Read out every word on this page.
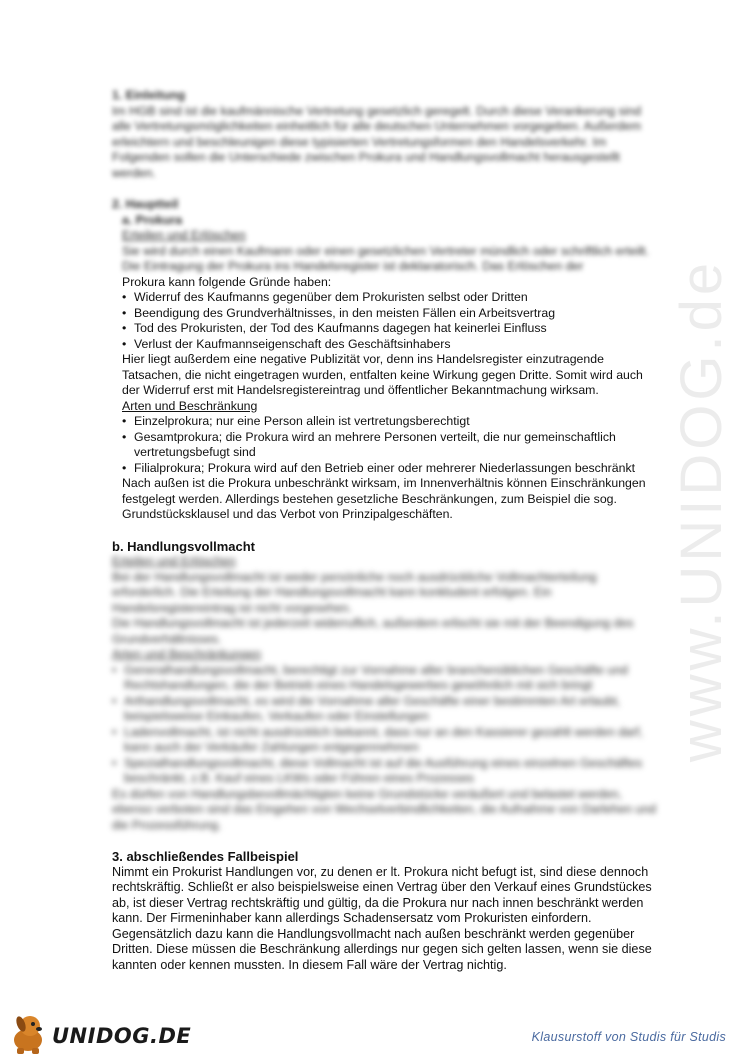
www.UNIDOG.de
1. Einleitung

Im HGB sind ist die kaufmännische Vertretung gesetzlich geregelt. Durch diese Verankerung sind alle Vertretungsmöglichkeiten einheitlich für alle deutschen Unternehmen vorgegeben. Außerdem erleichtern und beschleunigen diese typisierten Vertretungsformen den Handelsverkehr. Im Folgenden sollen die Unterschiede zwischen Prokura und Handlungsvollmacht herausgestellt werden.

2. Hauptteil
a. Prokura
Erteilen und Erlöschen

Sie wird durch einen Kaufmann oder einen gesetzlichen Vertreter mündlich oder schriftlich erteilt. Die Eintragung der Prokura ins Handelsregister ist deklaratorisch. Das Erlöschen der

Prokura kann folgende Gründe haben:

• Widerruf des Kaufmanns gegenüber dem Prokuristen selbst oder Dritten
• Beendigung des Grundverhältnisses, in den meisten Fällen ein Arbeitsvertrag
• Tod des Prokuristen, der Tod des Kaufmanns dagegen hat keinerlei Einfluss
• Verlust der Kaufmannseigenschaft des Geschäftsinhabers

Hier liegt außerdem eine negative Publizität vor, denn ins Handelsregister einzutragende Tatsachen, die nicht eingetragen wurden, entfalten keine Wirkung gegen Dritte. Somit wird auch der Widerruf erst mit Handelsregistereintrag und öffentlicher Bekanntmachung wirksam.

Arten und Beschränkung
• Einzelprokura; nur eine Person allein ist vertretungsberechtigt
• Gesamtprokura; die Prokura wird an mehrere Personen verteilt, die nur gemeinschaftlich vertretungsbefugt sind
• Filialprokura; Prokura wird auf den Betrieb einer oder mehrerer Niederlassungen beschränkt

Nach außen ist die Prokura unbeschränkt wirksam, im Innenverhältnis können Einschränkungen festgelegt werden. Allerdings bestehen gesetzliche Beschränkungen, zum Beispiel die sog. Grundstücksklausel und das Verbot von Prinzipalgeschäften.

b. Handlungsvollmacht
Erteilen und Erlöschen

Bei der Handlungsvollmacht ist weder persönliche noch ausdrückliche Vollmachterteilung erforderlich. Die Erteilung der Handlungsvollmacht kann konkludent erfolgen. Ein Handelsregistereintrag ist nicht vorgesehen.

Die Handlungsvollmacht ist jederzeit widerruflich, außerdem erlischt sie mit der Beendigung des Grundverhältnisses.

Arten und Beschränkungen
• Generalhandlungsvollmacht, berechtigt zur Vornahme aller branchenüblichen Geschäfte und Rechtshandlungen, die der Betrieb eines Handelsgewerbes gewöhnlich mit sich bringt
• Arthandlungsvollmacht, es wird die Vornahme aller Geschäfte einer bestimmten Art erlaubt, beispielsweise Einkaufen, Verkaufen oder Einstellungen
• Ladenvollmacht, ist nicht ausdrücklich bekannt, dass nur an den Kassierer gezahlt werden darf, kann auch der Verkäufer Zahlungen entgegennehmen
• Spezialhandlungsvollmacht, diese Vollmacht ist auf die Ausführung eines einzelnen Geschäftes beschränkt, z.B. Kauf eines LKWs oder Führen eines Prozesses

Es dürfen von Handlungsbevollmächtigten keine Grundstücke veräußert und belastet werden, ebenso verboten sind das Eingehen von Wechselverbindlichkeiten, die Aufnahme von Darlehen und die Prozessführung.

3. abschließendes Fallbeispiel

Nimmt ein Prokurist Handlungen vor, zu denen er lt. Prokura nicht befugt ist, sind diese dennoch rechtskräftig. Schließt er also beispielsweise einen Vertrag über den Verkauf eines Grundstückes ab, ist dieser Vertrag rechtskräftig und gültig, da die Prokura nur nach innen beschränkt werden kann. Der Firmeninhaber kann allerdings Schadensersatz vom Prokuristen einfordern. Gegensätzlich dazu kann die Handlungsvollmacht nach außen beschränkt werden gegenüber Dritten. Diese müssen die Beschränkung allerdings nur gegen sich gelten lassen, wenn sie diese kannten oder kennen mussten. In diesem Fall wäre der Vertrag nichtig.

UNIDOG.DE	Klausurstoff von Studis für Studis
